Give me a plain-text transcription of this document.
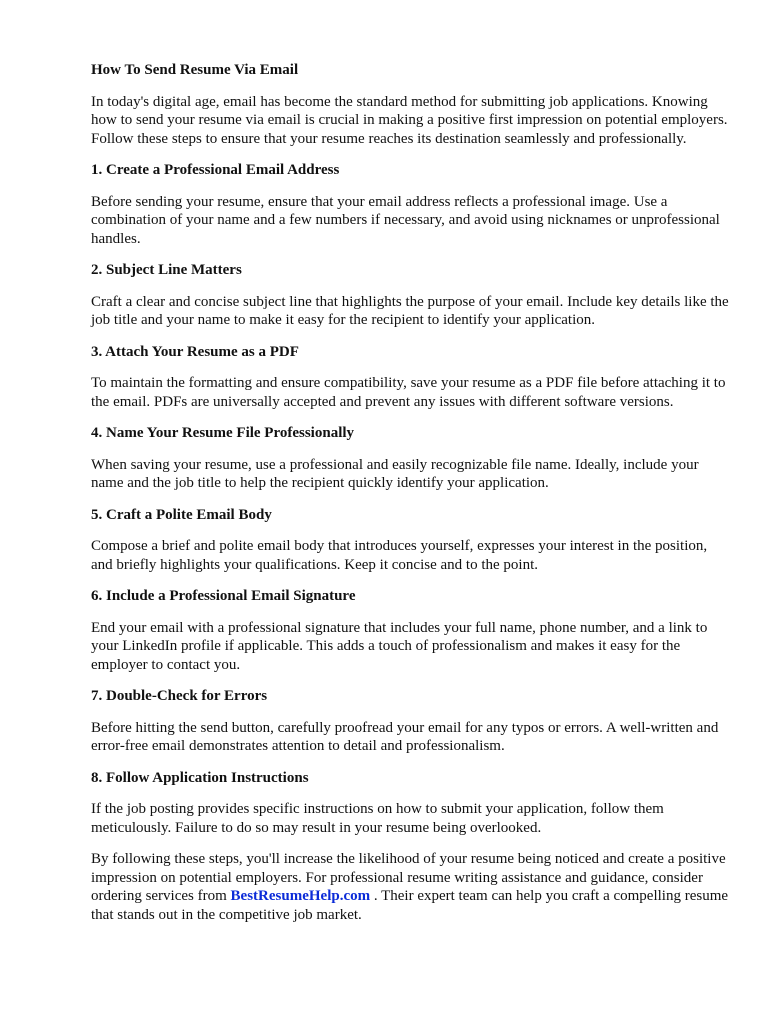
How To Send Resume Via Email
In today's digital age, email has become the standard method for submitting job applications. Knowing how to send your resume via email is crucial in making a positive first impression on potential employers. Follow these steps to ensure that your resume reaches its destination seamlessly and professionally.
1. Create a Professional Email Address
Before sending your resume, ensure that your email address reflects a professional image. Use a combination of your name and a few numbers if necessary, and avoid using nicknames or unprofessional handles.
2. Subject Line Matters
Craft a clear and concise subject line that highlights the purpose of your email. Include key details like the job title and your name to make it easy for the recipient to identify your application.
3. Attach Your Resume as a PDF
To maintain the formatting and ensure compatibility, save your resume as a PDF file before attaching it to the email. PDFs are universally accepted and prevent any issues with different software versions.
4. Name Your Resume File Professionally
When saving your resume, use a professional and easily recognizable file name. Ideally, include your name and the job title to help the recipient quickly identify your application.
5. Craft a Polite Email Body
Compose a brief and polite email body that introduces yourself, expresses your interest in the position, and briefly highlights your qualifications. Keep it concise and to the point.
6. Include a Professional Email Signature
End your email with a professional signature that includes your full name, phone number, and a link to your LinkedIn profile if applicable. This adds a touch of professionalism and makes it easy for the employer to contact you.
7. Double-Check for Errors
Before hitting the send button, carefully proofread your email for any typos or errors. A well-written and error-free email demonstrates attention to detail and professionalism.
8. Follow Application Instructions
If the job posting provides specific instructions on how to submit your application, follow them meticulously. Failure to do so may result in your resume being overlooked.
By following these steps, you'll increase the likelihood of your resume being noticed and create a positive impression on potential employers. For professional resume writing assistance and guidance, consider ordering services from BestResumeHelp.com . Their expert team can help you craft a compelling resume that stands out in the competitive job market.
